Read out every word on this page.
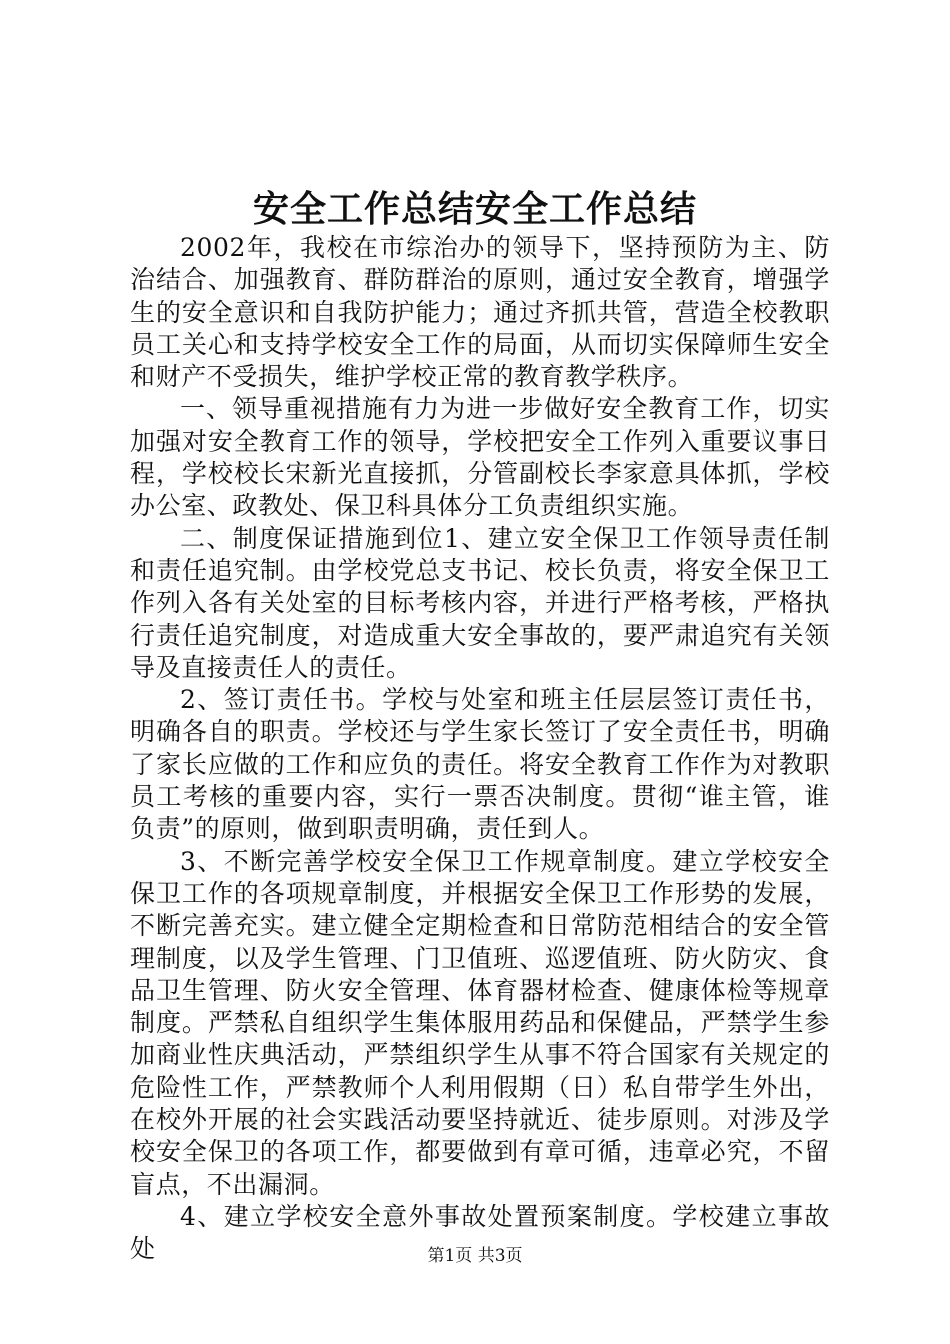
安全工作总结安全工作总结

2002年，我校在市综治办的领导下，坚持预防为主、防治结合、加强教育、群防群治的原则，通过安全教育，增强学生的安全意识和自我防护能力；通过齐抓共管，营造全校教职员工关心和支持学校安全工作的局面，从而切实保障师生安全和财产不受损失，维护学校正常的教育教学秩序。

一、领导重视措施有力为进一步做好安全教育工作，切实加强对安全教育工作的领导，学校把安全工作列入重要议事日程，学校校长宋新光直接抓，分管副校长李家意具体抓，学校办公室、政教处、保卫科具体分工负责组织实施。

二、制度保证措施到位1、建立安全保卫工作领导责任制和责任追究制。由学校党总支书记、校长负责，将安全保卫工作列入各有关处室的目标考核内容，并进行严格考核，严格执行责任追究制度，对造成重大安全事故的，要严肃追究有关领导及直接责任人的责任。

2、签订责任书。学校与处室和班主任层层签订责任书，明确各自的职责。学校还与学生家长签订了安全责任书，明确了家长应做的工作和应负的责任。将安全教育工作作为对教职员工考核的重要内容，实行一票否决制度。贯彻“谁主管，谁负责”的原则，做到职责明确，责任到人。

3、不断完善学校安全保卫工作规章制度。建立学校安全保卫工作的各项规章制度，并根据安全保卫工作形势的发展，不断完善充实。建立健全定期检查和日常防范相结合的安全管理制度，以及学生管理、门卫值班、巡逻值班、防火防灾、食品卫生管理、防火安全管理、体育器材检查、健康体检等规章制度。严禁私自组织学生集体服用药品和保健品，严禁学生参加商业性庆典活动，严禁组织学生从事不符合国家有关规定的危险性工作，严禁教师个人利用假期（日）私自带学生外出，在校外开展的社会实践活动要坚持就近、徒步原则。对涉及学校安全保卫的各项工作，都要做到有章可循，违章必究，不留盲点，不出漏洞。

4、建立学校安全意外事故处置预案制度。学校建立事故处	第1页 共3页
